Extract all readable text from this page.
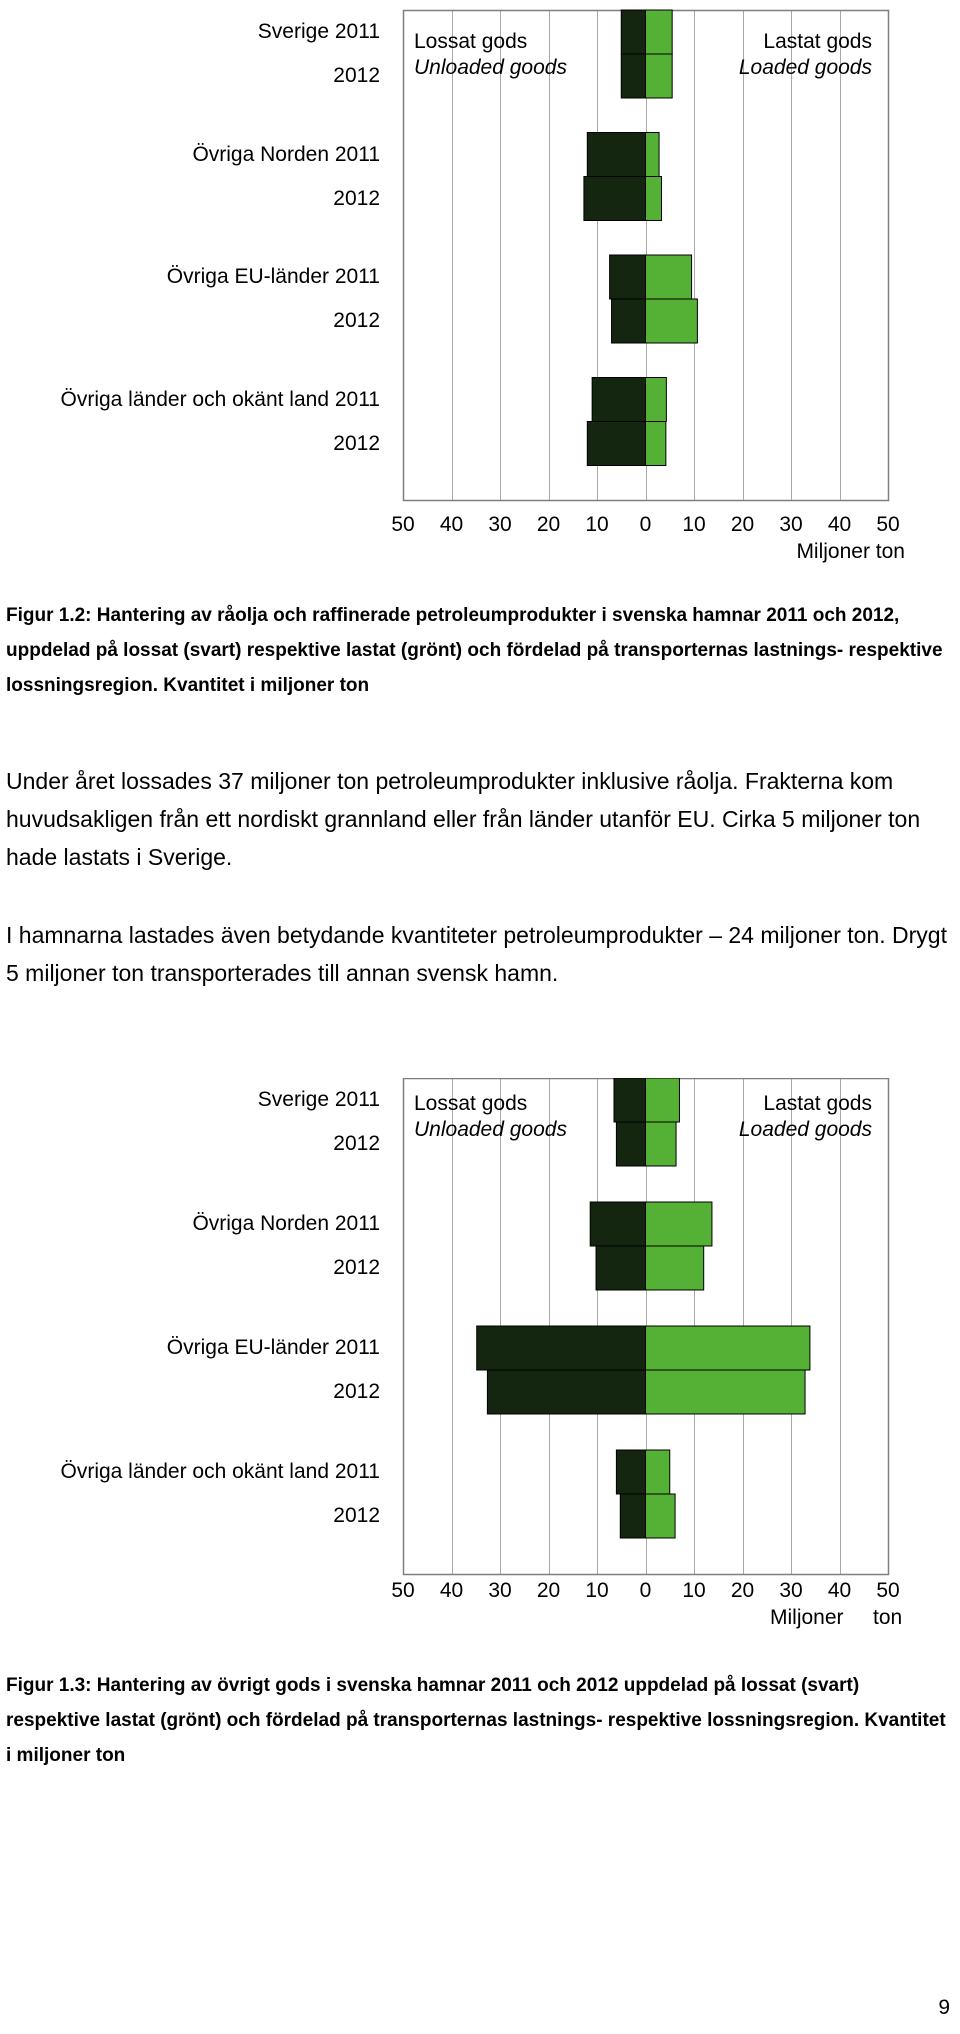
Sverige 2011
2012
Övriga Norden 2011
2012
Övriga EU-länder 2011
2012
Övriga länder och okänt land 2011
2012
Lossat gods
Unloaded goods
Lastat gods
Loaded goods
50	40	30	20	10	0	10	20	30	40	50
Miljoner ton
Figur 1.2: Hantering av råolja och raffinerade petroleumprodukter i svenska hamnar 2011 och 2012, uppdelad på lossat (svart) respektive lastat (grönt) och fördelad på transporternas lastnings- respektive lossningsregion. Kvantitet i miljoner ton
Under året lossades 37 miljoner ton petroleumprodukter inklusive råolja. Frakterna kom huvudsakligen från ett nordiskt grannland eller från länder utanför EU. Cirka 5 miljoner ton hade lastats i Sverige.
I hamnarna lastades även betydande kvantiteter petroleumprodukter – 24 miljoner ton. Drygt 5 miljoner ton transporterades till annan svensk hamn.
Sverige 2011
2012
Övriga Norden 2011
2012
Övriga EU-länder 2011
2012
Övriga länder och okänt land 2011
2012
Lossat gods
Unloaded goods
Lastat gods
Loaded goods
50	40	30	20	10	0	10	20	30	40	50
Miljoner ton
Figur 1.3: Hantering av övrigt gods i svenska hamnar 2011 och 2012 uppdelad på lossat (svart) respektive lastat (grönt) och fördelad på transporternas lastnings- respektive lossningsregion. Kvantitet i miljoner ton
9
